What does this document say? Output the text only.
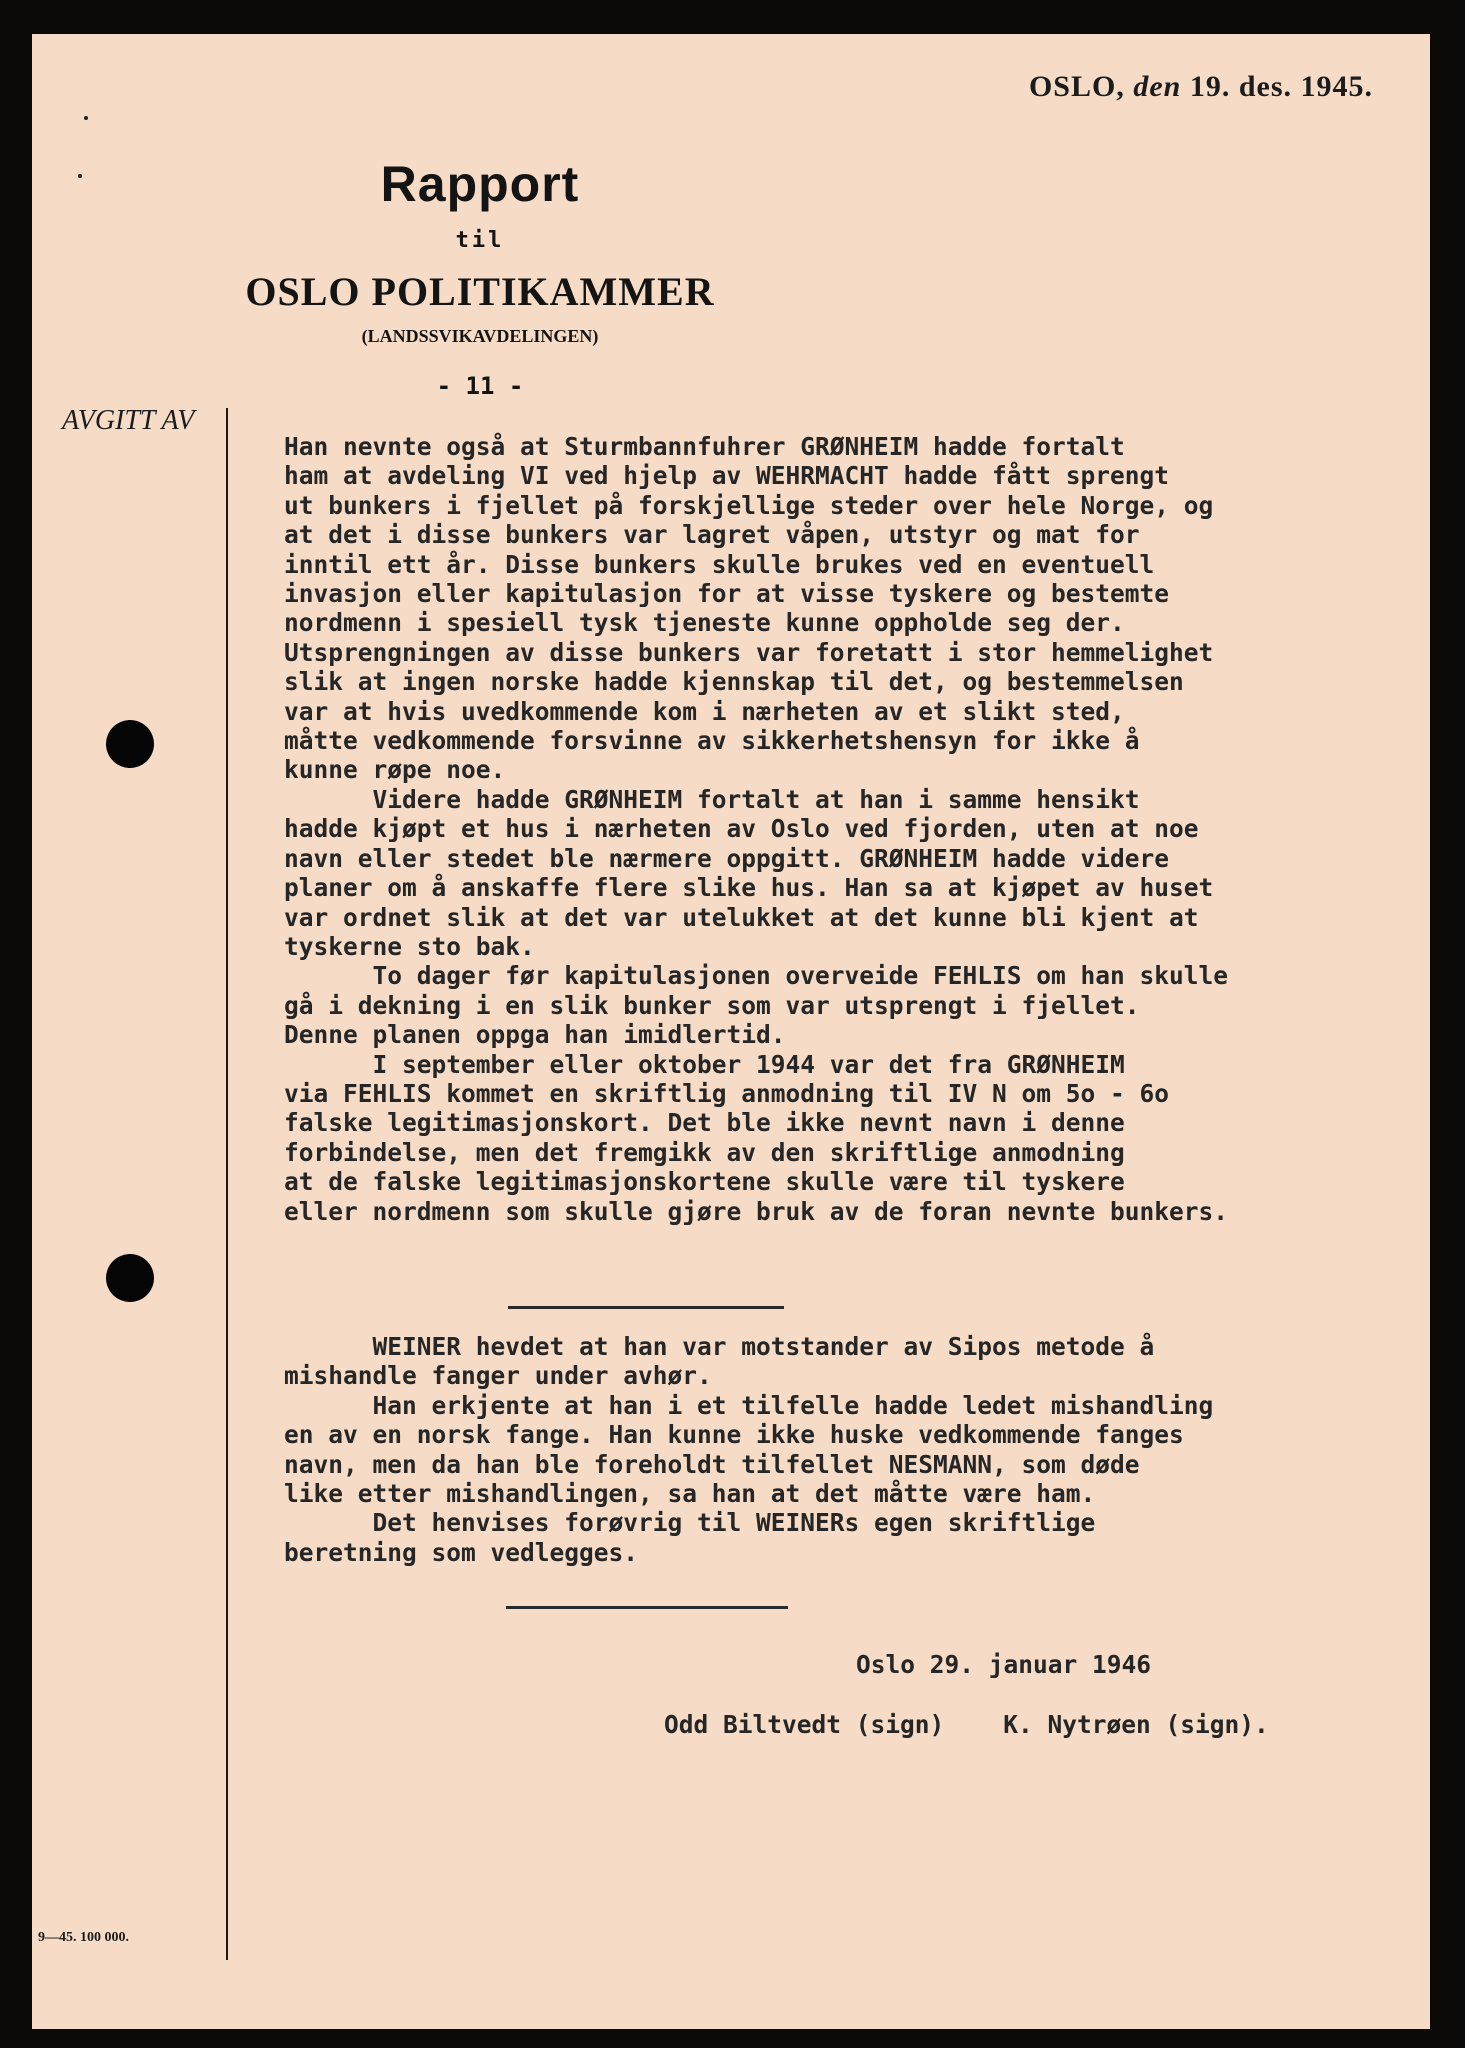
OSLO, den 19. des. 1945.
Rapport
til
OSLO POLITIKAMMER
(LANDSSVIKAVDELINGEN)
- 11 -
AVGITT AV
Han nevnte også at Sturmbannfuhrer GRØNHEIM hadde fortalt
ham at avdeling VI ved hjelp av WEHRMACHT hadde fått sprengt
ut bunkers i fjellet på forskjellige steder over hele Norge, og
at det i disse bunkers var lagret våpen, utstyr og mat for
inntil ett år. Disse bunkers skulle brukes ved en eventuell
invasjon eller kapitulasjon for at visse tyskere og bestemte
nordmenn i spesiell tysk tjeneste kunne oppholde seg der.
Utsprengningen av disse bunkers var foretatt i stor hemmelighet
slik at ingen norske hadde kjennskap til det, og bestemmelsen
var at hvis uvedkommende kom i nærheten av et slikt sted,
måtte vedkommende forsvinne av sikkerhetshensyn for ikke å
kunne røpe noe.
Videre hadde GRØNHEIM fortalt at han i samme hensikt
hadde kjøpt et hus i nærheten av Oslo ved fjorden, uten at noe
navn eller stedet ble nærmere oppgitt. GRØNHEIM hadde videre
planer om å anskaffe flere slike hus. Han sa at kjøpet av huset
var ordnet slik at det var utelukket at det kunne bli kjent at
tyskerne sto bak.
To dager før kapitulasjonen overveide FEHLIS om han skulle
gå i dekning i en slik bunker som var utsprengt i fjellet.
Denne planen oppga han imidlertid.
I september eller oktober 1944 var det fra GRØNHEIM
via FEHLIS kommet en skriftlig anmodning til IV N om 5o - 6o
falske legitimasjonskort. Det ble ikke nevnt navn i denne
forbindelse, men det fremgikk av den skriftlige anmodning
at de falske legitimasjonskortene skulle være til tyskere
eller nordmenn som skulle gjøre bruk av de foran nevnte bunkers.
WEINER hevdet at han var motstander av Sipos metode å
mishandle fanger under avhør.
Han erkjente at han i et tilfelle hadde ledet mishandling
en av en norsk fange. Han kunne ikke huske vedkommende fanges
navn, men da han ble foreholdt tilfellet NESMANN, som døde
like etter mishandlingen, sa han at det måtte være ham.
Det henvises forøvrig til WEINERs egen skriftlige
beretning som vedlegges.
Oslo 29. januar 1946
Odd Biltvedt (sign)    K. Nytrøen (sign).
9—45. 100 000.
